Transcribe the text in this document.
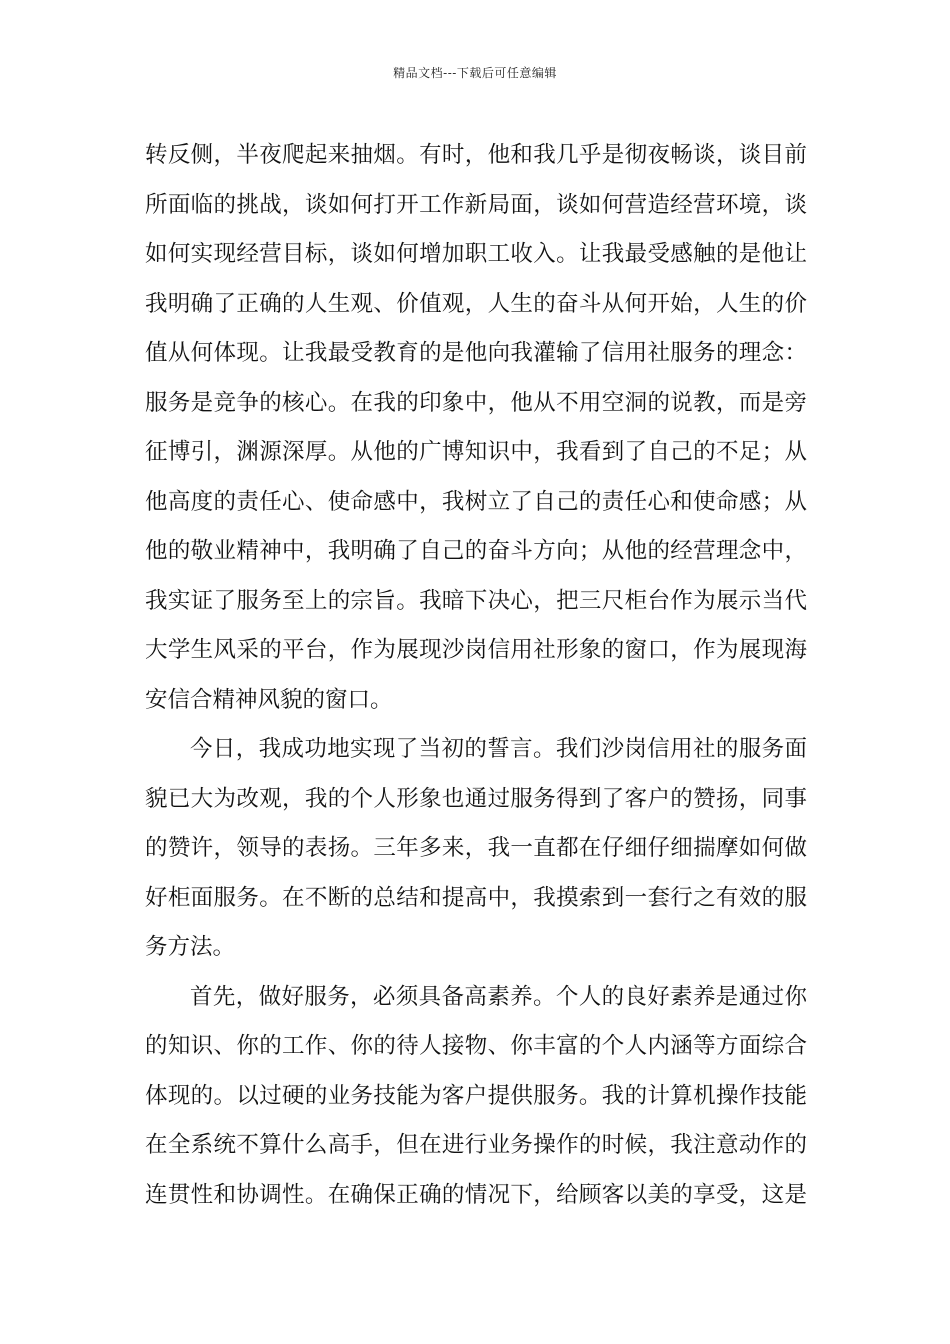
精品文档---下载后可任意编辑
转反侧，半夜爬起来抽烟。有时，他和我几乎是彻夜畅谈，谈目前
所面临的挑战，谈如何打开工作新局面，谈如何营造经营环境，谈
如何实现经营目标，谈如何增加职工收入。让我最受感触的是他让
我明确了正确的人生观、价值观，人生的奋斗从何开始，人生的价
值从何体现。让我最受教育的是他向我灌输了信用社服务的理念：
服务是竞争的核心。在我的印象中，他从不用空洞的说教，而是旁
征博引，渊源深厚。从他的广博知识中，我看到了自己的不足；从
他高度的责任心、使命感中，我树立了自己的责任心和使命感；从
他的敬业精神中，我明确了自己的奋斗方向；从他的经营理念中，
我实证了服务至上的宗旨。我暗下决心，把三尺柜台作为展示当代
大学生风采的平台，作为展现沙岗信用社形象的窗口，作为展现海
安信合精神风貌的窗口。
今日，我成功地实现了当初的誓言。我们沙岗信用社的服务面
貌已大为改观，我的个人形象也通过服务得到了客户的赞扬，同事
的赞许，领导的表扬。三年多来，我一直都在仔细仔细揣摩如何做
好柜面服务。在不断的总结和提高中，我摸索到一套行之有效的服
务方法。
首先，做好服务，必须具备高素养。个人的良好素养是通过你
的知识、你的工作、你的待人接物、你丰富的个人内涵等方面综合
体现的。以过硬的业务技能为客户提供服务。我的计算机操作技能
在全系统不算什么高手，但在进行业务操作的时候，我注意动作的
连贯性和协调性。在确保正确的情况下，给顾客以美的享受，这是
